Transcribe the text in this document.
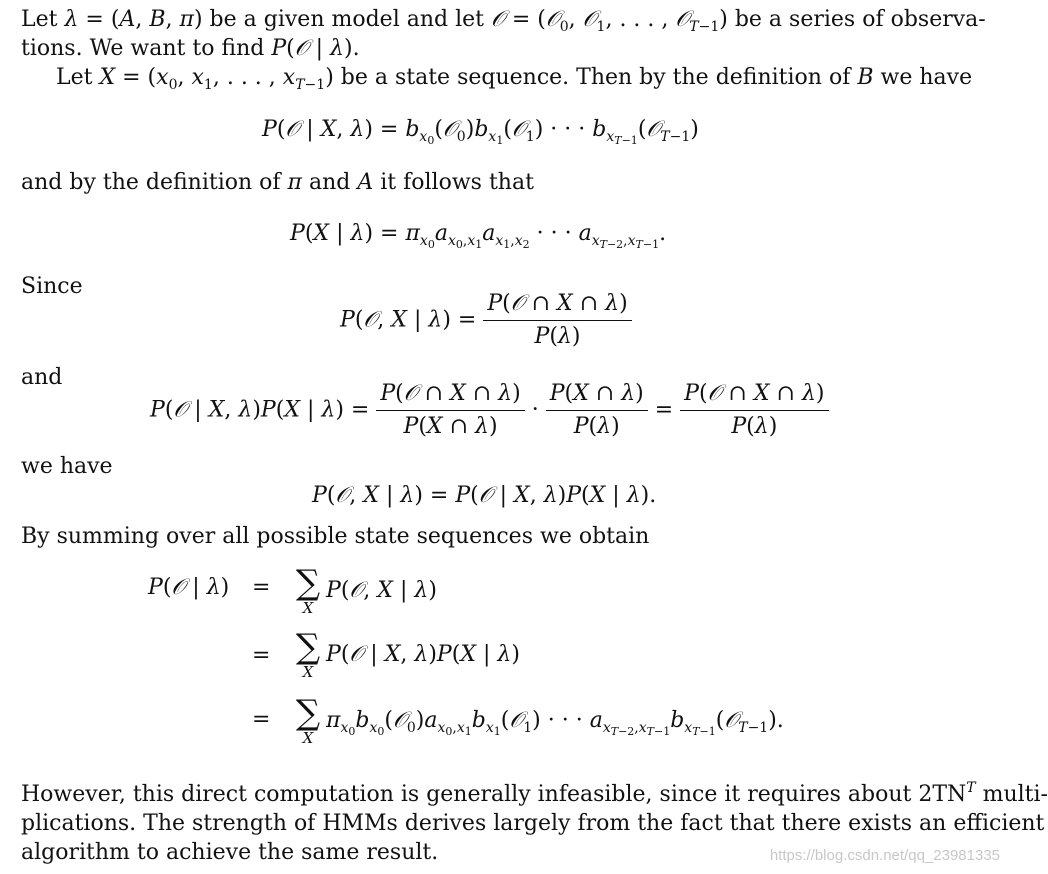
Let λ = (A, B, π) be a given model and let 𝒪 = (𝒪$_0$, 𝒪$_1$, . . . , 𝒪$_{T-1}$) be a series of observa-
tions. We want to find P(𝒪 | λ).
Let $X = (x_0$, $x_1$, . . . , $x_{T-1}$) be a state sequence. Then by the definition of B we have
P(𝒪 | X, $\lambda) = b_{x_0}(𝒪_0)b_{x_1}(𝒪_1)$ · · · $b_{x_{T-1}}(𝒪_{T-1})$
and by the definition of π and A it follows that
P(X | $\lambda) = \pi_{x_0}a_{x_0,x_1}a_{x_1,x_2}$ · · · $a_{x_{T-2},x_{T-1}}$.
Since
P(𝒪, X | $\lambda) = \frac{\text{P(𝒪 ∩ X ∩ λ)}}{P(\lambda)}$
and
P(𝒪 | X, λ)P(X | $\lambda) = \frac{\text{P(𝒪 ∩ X ∩ λ)}}{P(X \cap \lambda)} \cdot \frac{P(X \cap \lambda)}{P(\lambda)} = \frac{\text{P(𝒪 ∩ X ∩ λ)}}{P(\lambda)}$
we have
P(𝒪, X | λ) = P(𝒪 | X, λ)P(X | λ).
By summing over all possible state sequences we obtain
P(𝒪 | λ) = ∑
X
P(𝒪, X | λ)
= ∑
X
P(𝒪 | X, λ)P(X | λ)
= ∑
X
$\pi_{x_0}b_{x_0}(𝒪_0)a_{x_0,x_1}b_{x_1}(𝒪_1)$ · · · $a_{x_{T-2},x_{T-1}}b_{x_{T-1}}(𝒪_{T-1})$.
However, this direct computation is generally infeasible, since it requires about $2TN^T$ multi-
plications. The strength of HMMs derives largely from the fact that there exists an efficient
algorithm to achieve the same result.	https://blog.csdn.net/qq_23981335
